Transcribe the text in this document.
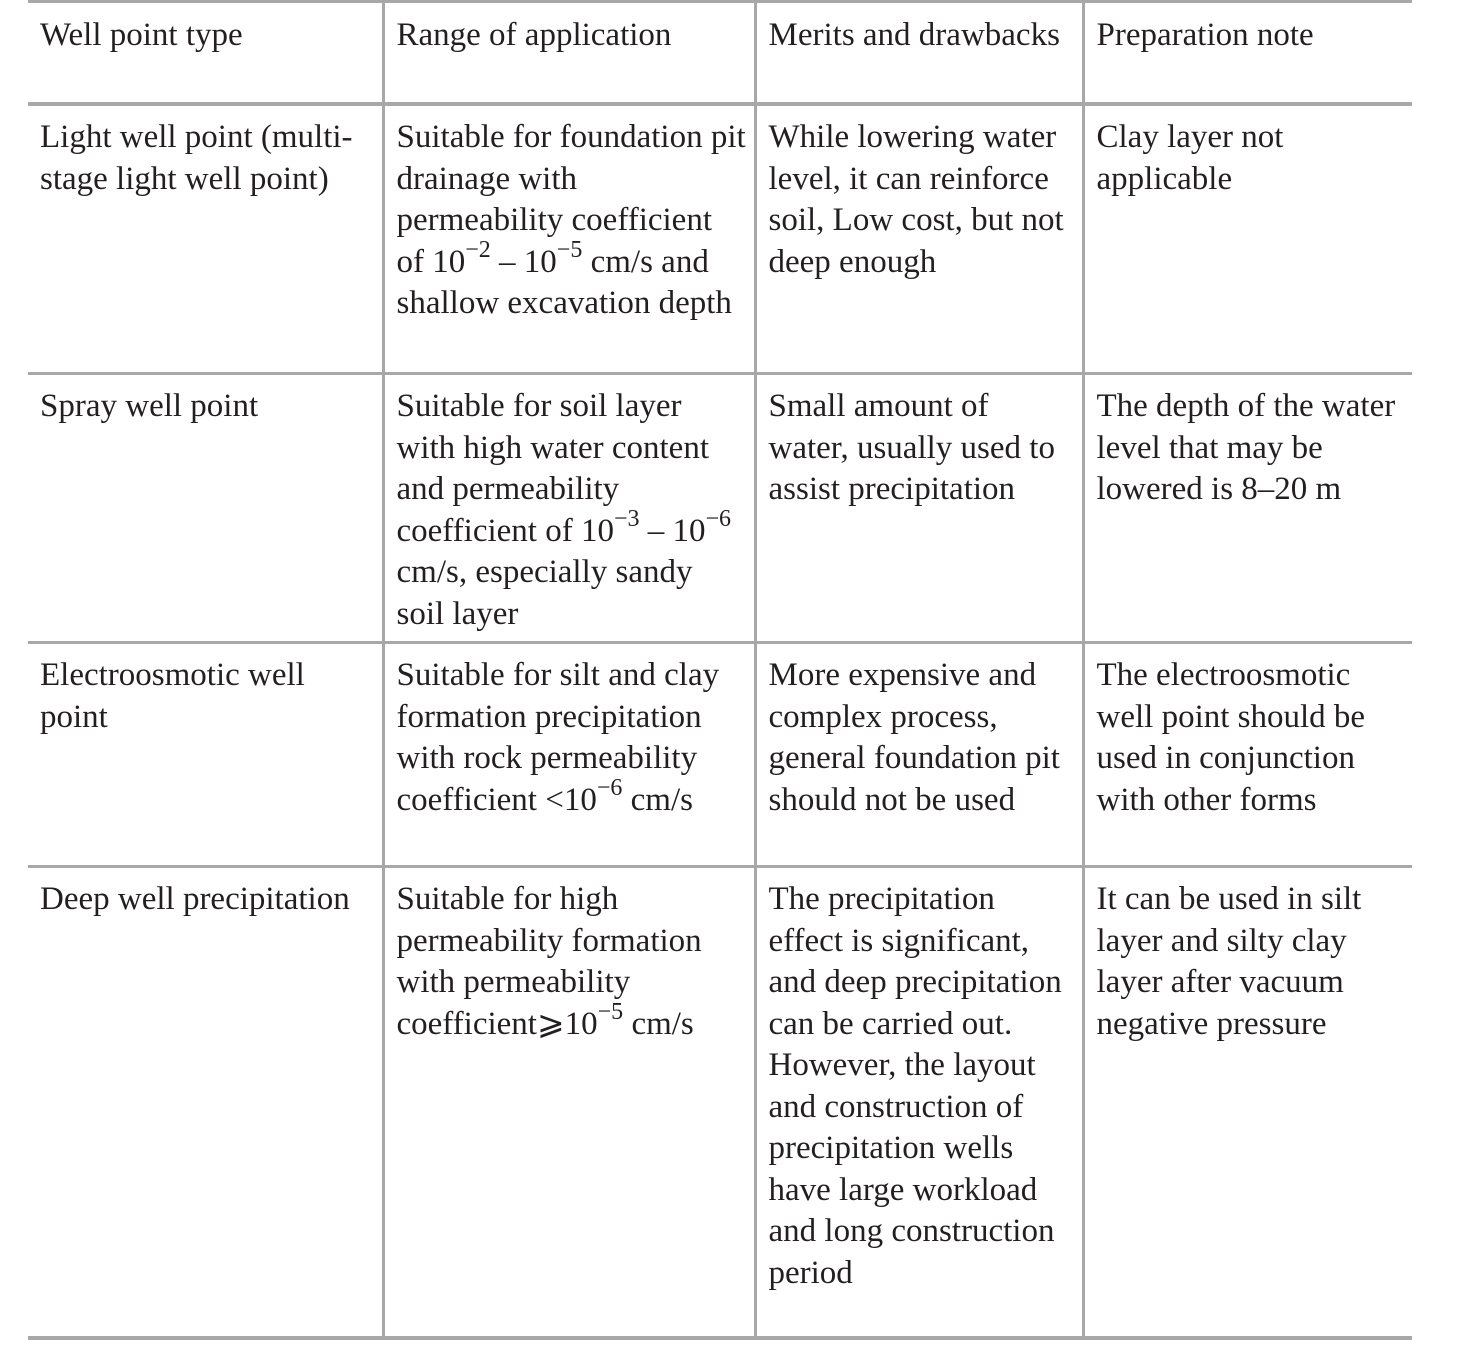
Well point type	Range of application	Merits and drawbacks	Preparation note
Light well point (multi-stage light well point)	Suitable for foundation pit drainage with permeability coefficient of $10^{-2} - 10^{-5}$ cm/s and shallow excavation depth	While lowering water level, it can reinforce soil, Low cost, but not deep enough	Clay layer not applicable
Spray well point	Suitable for soil layer with high water content and permeability coefficient of $10^{-3} - 10^{-6}$ cm/s, especially sandy soil layer	Small amount of water, usually used to assist precipitation	The depth of the water level that may be lowered is 8–20 m
Electroosmotic well point	Suitable for silt and clay formation precipitation with rock permeability coefficient $<10^{-6}$ cm/s	More expensive and complex process, general foundation pit should not be used	The electroosmotic well point should be used in conjunction with other forms
Deep well precipitation	Suitable for high permeability formation with permeability $coefficient⩾10^{-5}$ cm/s	The precipitation effect is significant, and deep precipitation can be carried out. However, the layout and construction of precipitation wells have large workload and long construction period	It can be used in silt layer and silty clay layer after vacuum negative pressure
